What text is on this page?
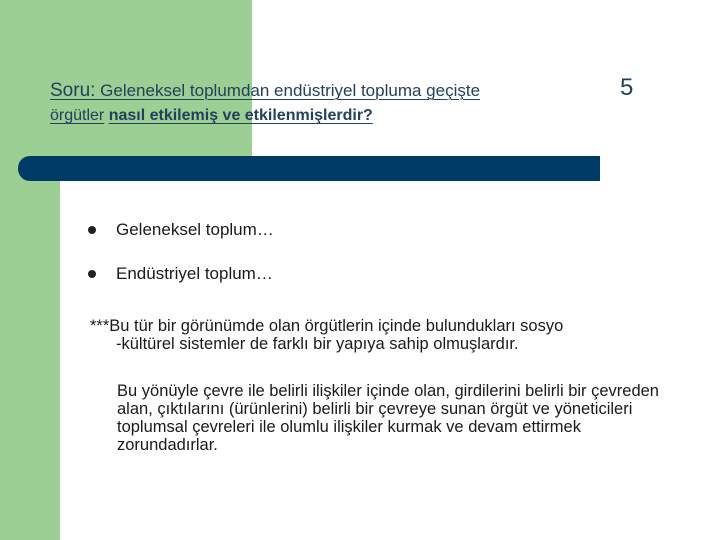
Soru: Geleneksel toplumdan endüstriyel topluma geçişte
örgütler nasıl etkilemiş ve etkilenmişlerdir?
5
Geleneksel toplum…
Endüstriyel toplum…
***Bu tür bir görünümde olan örgütlerin içinde bulundukları sosyo
-kültürel sistemler de farklı bir yapıya sahip olmuşlardır.
Bu yönüyle çevre ile belirli ilişkiler içinde olan, girdilerini belirli bir çevreden alan, çıktılarını (ürünlerini) belirli bir çevreye sunan örgüt ve yöneticileri toplumsal çevreleri ile olumlu ilişkiler kurmak ve devam ettirmek zorundadırlar.
